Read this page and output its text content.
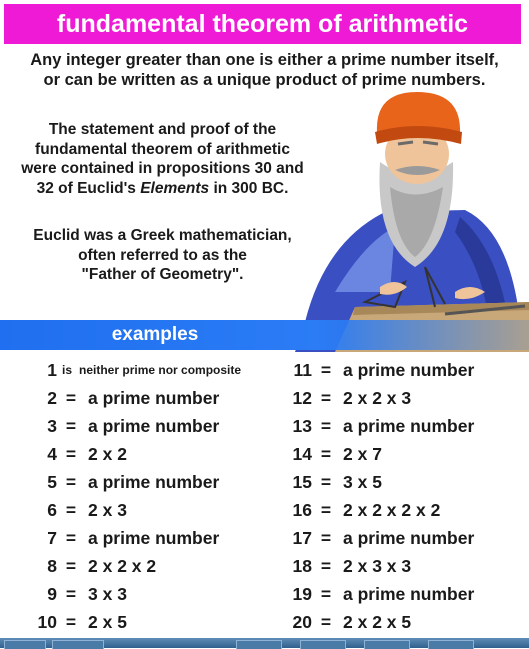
fundamental theorem of arithmetic
Any integer greater than one is either a prime number itself,
or can be written as a unique product of prime numbers.
The statement and proof of the
fundamental theorem of arithmetic
were contained in propositions 30 and
32 of Euclid's Elements in 300 BC.
Euclid was a Greek mathematician,
often referred to as the
"Father of Geometry".
examples
1 is neither prime nor composite
2 = a prime number
3 = a prime number
4 = 2 x 2
5 = a prime number
6 = 2 x 3
7 = a prime number
8 = 2 x 2 x 2
9 = 3 x 3
10 = 2 x 5
11 = a prime number
12 = 2 x 2 x 3
13 = a prime number
14 = 2 x 7
15 = 3 x 5
16 = 2 x 2 x 2 x 2
17 = a prime number
18 = 2 x 3 x 3
19 = a prime number
20 = 2 x 2 x 5
